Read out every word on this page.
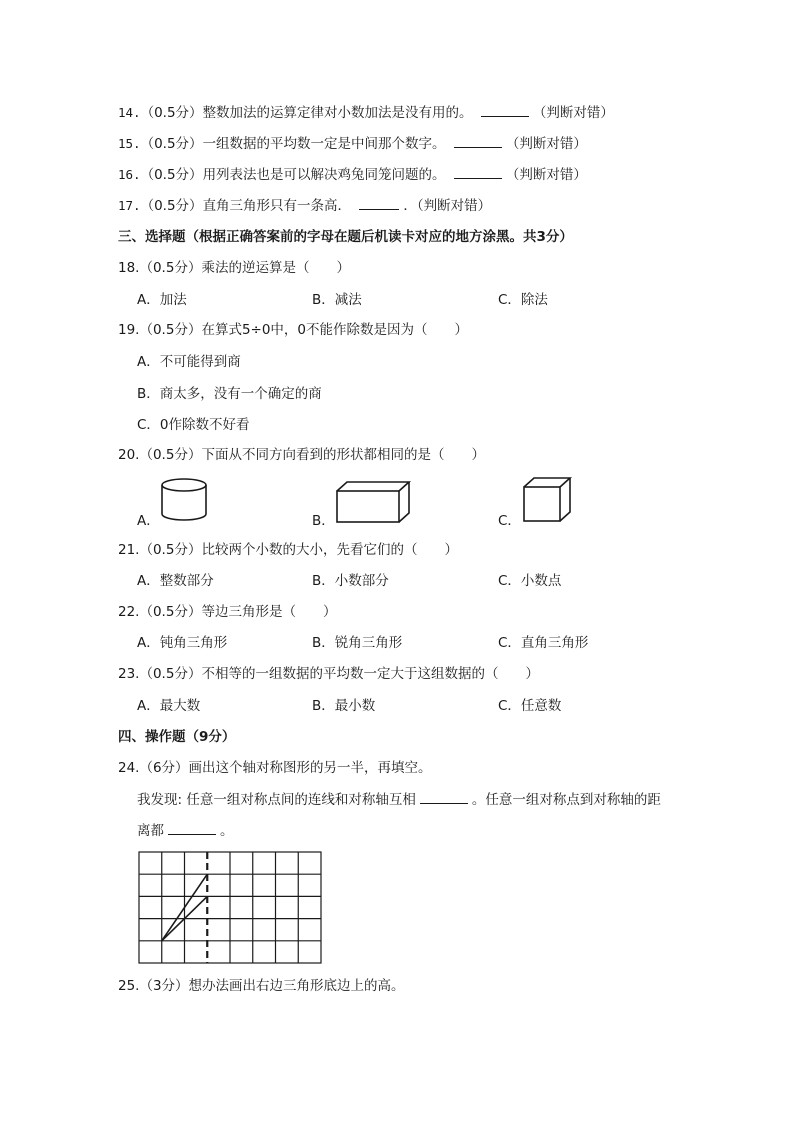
14.（0.5分）整数加法的运算定律对小数加法是没有用的。	（判断对错）
15.（0.5分）一组数据的平均数一定是中间那个数字。	（判断对错）
16.（0.5分）用列表法也是可以解决鸡兔同笼问题的。	（判断对错）
17.（0.5分）直角三角形只有一条高．	．（判断对错）
三、选择题（根据正确答案前的字母在题后机读卡对应的地方涂黑。共3分）
18.（0.5分）乘法的逆运算是（　　）
A．加法	B．减法	C．除法
19.（0.5分）在算式5÷0中，0不能作除数是因为（　　）
A．不可能得到商
B．商太多，没有一个确定的商
C．0作除数不好看
20.（0.5分）下面从不同方向看到的形状都相同的是（　　）
A．	B．	C．
21.（0.5分）比较两个小数的大小，先看它们的（　　）
A．整数部分	B．小数部分	C．小数点
22.（0.5分）等边三角形是（　　）
A．钝角三角形	B．锐角三角形	C．直角三角形
23.（0.5分）不相等的一组数据的平均数一定大于这组数据的（　　）
A．最大数	B．最小数	C．任意数
四、操作题（9分）
24.（6分）画出这个轴对称图形的另一半，再填空。
我发现: 任意一组对称点间的连线和对称轴互相	。任意一组对称点到对称轴的距
离都	。
25.（3分）想办法画出右边三角形底边上的高。
